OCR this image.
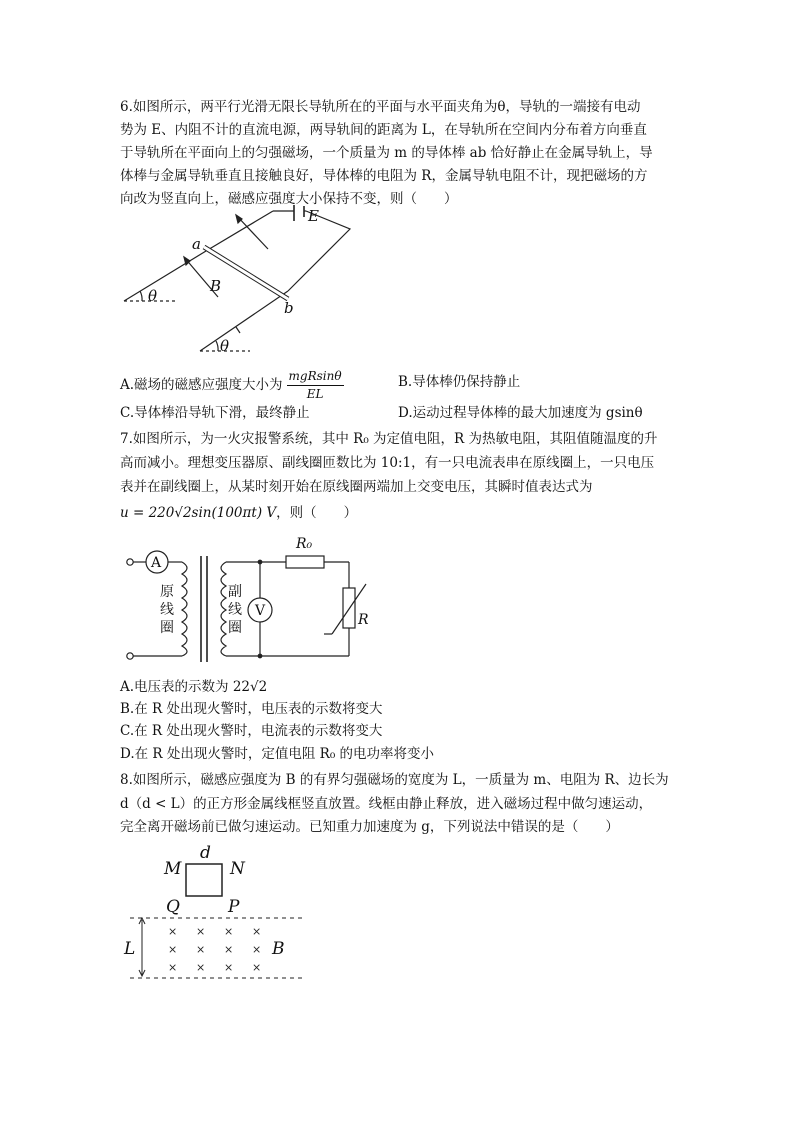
6.如图所示，两平行光滑无限长导轨所在的平面与水平面夹角为θ，导轨的一端接有电动
势为 E、内阻不计的直流电源，两导轨间的距离为 L，在导轨所在空间内分布着方向垂直
于导轨所在平面向上的匀强磁场，一个质量为 m 的导体棒 ab 恰好静止在金属导轨上，导
体棒与金属导轨垂直且接触良好，导体棒的电阻为 R，金属导轨电阻不计，现把磁场的方
向改为竖直向上，磁感应强度大小保持不变，则（　　）
E
a
b
B
θ
θ
A.磁场的磁感应强度大小为 $\frac{\text{mgRsinθ}}{EL}$	B.导体棒仍保持静止
C.导体棒沿导轨下滑，最终静止	D.运动过程导体棒的最大加速度为 gsinθ
7.如图所示，为一火灾报警系统，其中 R₀ 为定值电阻，R 为热敏电阻，其阻值随温度的升
高而减小。理想变压器原、副线圈匝数比为 10:1，有一只电流表串在原线圈上，一只电压
表并在副线圈上，从某时刻开始在原线圈两端加上交变电压，其瞬时值表达式为
u = 220√2sin(100πt) V，则（　　）
A
V
原
线
圈
副
线
圈
R₀
R
A.电压表的示数为 22√2
B.在 R 处出现火警时，电压表的示数将变大
C.在 R 处出现火警时，电流表的示数将变大
D.在 R 处出现火警时，定值电阻 R₀ 的电功率将变小
8.如图所示，磁感应强度为 B 的有界匀强磁场的宽度为 L，一质量为 m、电阻为 R、边长为
d（d < L）的正方形金属线框竖直放置。线框由静止释放，进入磁场过程中做匀速运动，
完全离开磁场前已做匀速运动。已知重力加速度为 g，下列说法中错误的是（　　）
× × × ×
× × × ×
× × × ×
M	N
Q	P
d
L	B
